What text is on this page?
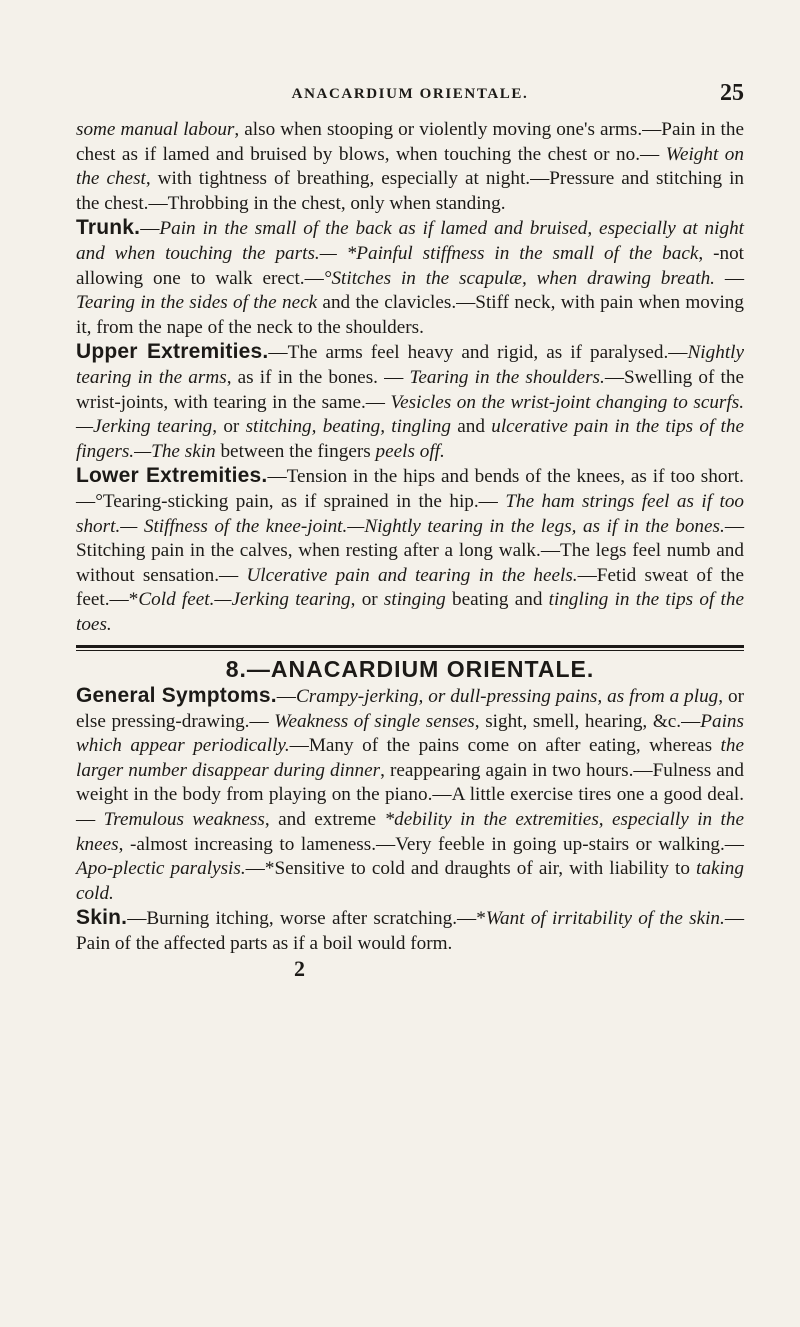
ANACARDIUM ORIENTALE.	25

some manual labour, also when stooping or violently moving one's arms.—Pain in the chest as if lamed and bruised by blows, when touching the chest or no.— Weight on the chest, with tightness of breathing, especially at night.—Pressure and stitching in the chest.—Throbbing in the chest, only when standing.

Trunk.—Pain in the small of the back as if lamed and bruised, especially at night and when touching the parts.— *Painful stiffness in the small of the back, -not allowing one to walk erect.—°Stitches in the scapulæ, when drawing breath. — Tearing in the sides of the neck and the clavicles.—Stiff neck, with pain when moving it, from the nape of the neck to the shoulders.

Upper Extremities.—The arms feel heavy and rigid, as if paralysed.—Nightly tearing in the arms, as if in the bones. — Tearing in the shoulders.—Swelling of the wrist-joints, with tearing in the same.— Vesicles on the wrist-joint changing to scurfs.—Jerking tearing, or stitching, beating, tingling and ulcerative pain in the tips of the fingers.—The skin between the fingers peels off.

Lower Extremities.—Tension in the hips and bends of the knees, as if too short.—°Tearing-sticking pain, as if sprained in the hip.— The ham strings feel as if too short.— Stiffness of the knee-joint.—Nightly tearing in the legs, as if in the bones.—Stitching pain in the calves, when resting after a long walk.—The legs feel numb and without sensation.— Ulcerative pain and tearing in the heels.—Fetid sweat of the feet.—*Cold feet.—Jerking tearing, or stinging beating and tingling in the tips of the toes.

8.—ANACARDIUM ORIENTALE.

General Symptoms.—Crampy-jerking, or dull-pressing pains, as from a plug, or else pressing-drawing.— Weakness of single senses, sight, smell, hearing, &c.—Pains which appear periodically.—Many of the pains come on after eating, whereas the larger number disappear during dinner, reappearing again in two hours.—Fulness and weight in the body from playing on the piano.—A little exercise tires one a good deal.— Tremulous weakness, and extreme *debility in the extremities, especially in the knees, -almost increasing to lameness.—Very feeble in going up-stairs or walking.—Apo-plectic paralysis.—*Sensitive to cold and draughts of air, with liability to taking cold.

Skin.—Burning itching, worse after scratching.—*Want of irritability of the skin.—Pain of the affected parts as if a boil would form.

2
